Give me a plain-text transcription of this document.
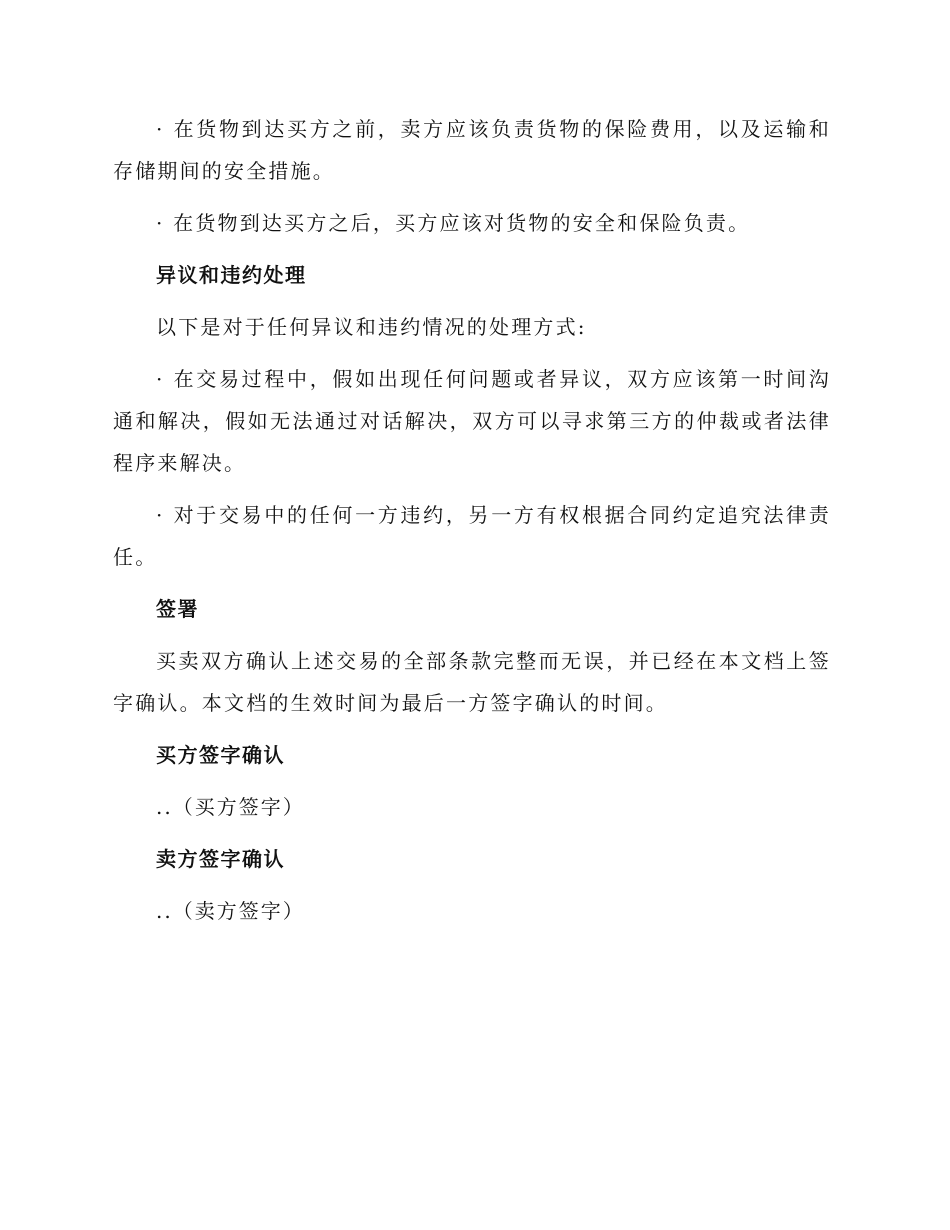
· 在货物到达买方之前，卖方应该负责货物的保险费用，以及运输和存储期间的安全措施。

· 在货物到达买方之后，买方应该对货物的安全和保险负责。

异议和违约处理

以下是对于任何异议和违约情况的处理方式:

· 在交易过程中，假如出现任何问题或者异议，双方应该第一时间沟通和解决，假如无法通过对话解决，双方可以寻求第三方的仲裁或者法律程序来解决。

· 对于交易中的任何一方违约，另一方有权根据合同约定追究法律责任。

签署

买卖双方确认上述交易的全部条款完整而无误，并已经在本文档上签字确认。本文档的生效时间为最后一方签字确认的时间。

买方签字确认

..（买方签字）

卖方签字确认

..（卖方签字）
